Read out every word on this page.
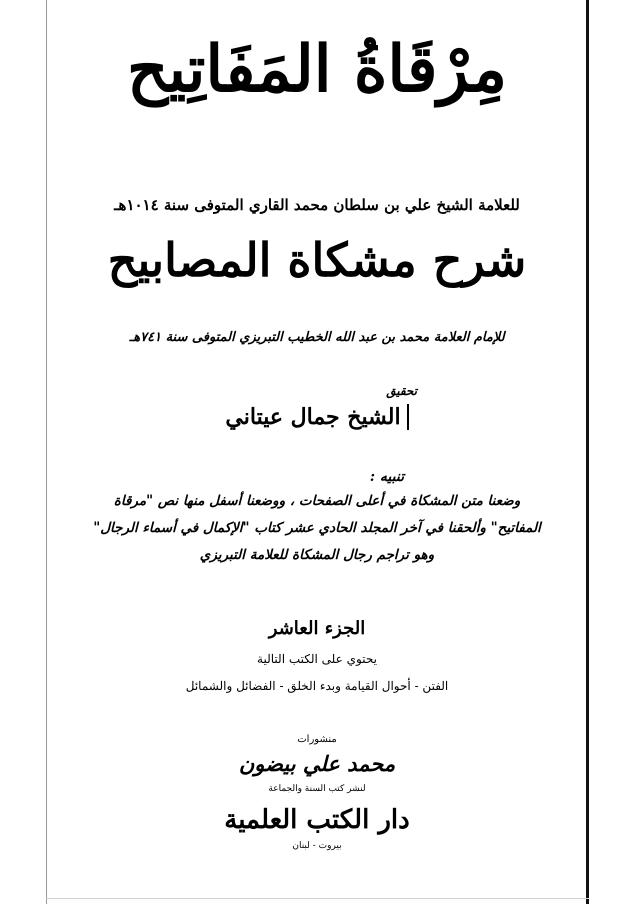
مِرْقَاةُ المَفَاتِيح
للعلامة الشيخ علي بن سلطان محمد القاري المتوفى سنة ١٠١٤هـ
شرح مشكاة المصابيح
للإمام العلامة محمد بن عبد الله الخطيب التبريزي المتوفى سنة ٧٤١هـ
تحقيق
الشيخ جمال عيتاني
تنبيه :
وضعنا متن المشكاة في أعلى الصفحات ، ووضعنا أسفل منها نص "مرقاة
المفاتيح" وألحقنا في آخر المجلد الحادي عشر كتاب "الإكمال في أسماء الرجال"
وهو تراجم رجال المشكاة للعلامة التبريزي
الجزء العاشر
يحتوي على الكتب التالية
الفتن - أحوال القيامة وبدء الخلق - الفضائل والشمائل
منشورات
محمد علي بيضون
لنشر كتب السنة والجماعة
دار الكتب العلمية
بيروت - لبنان
